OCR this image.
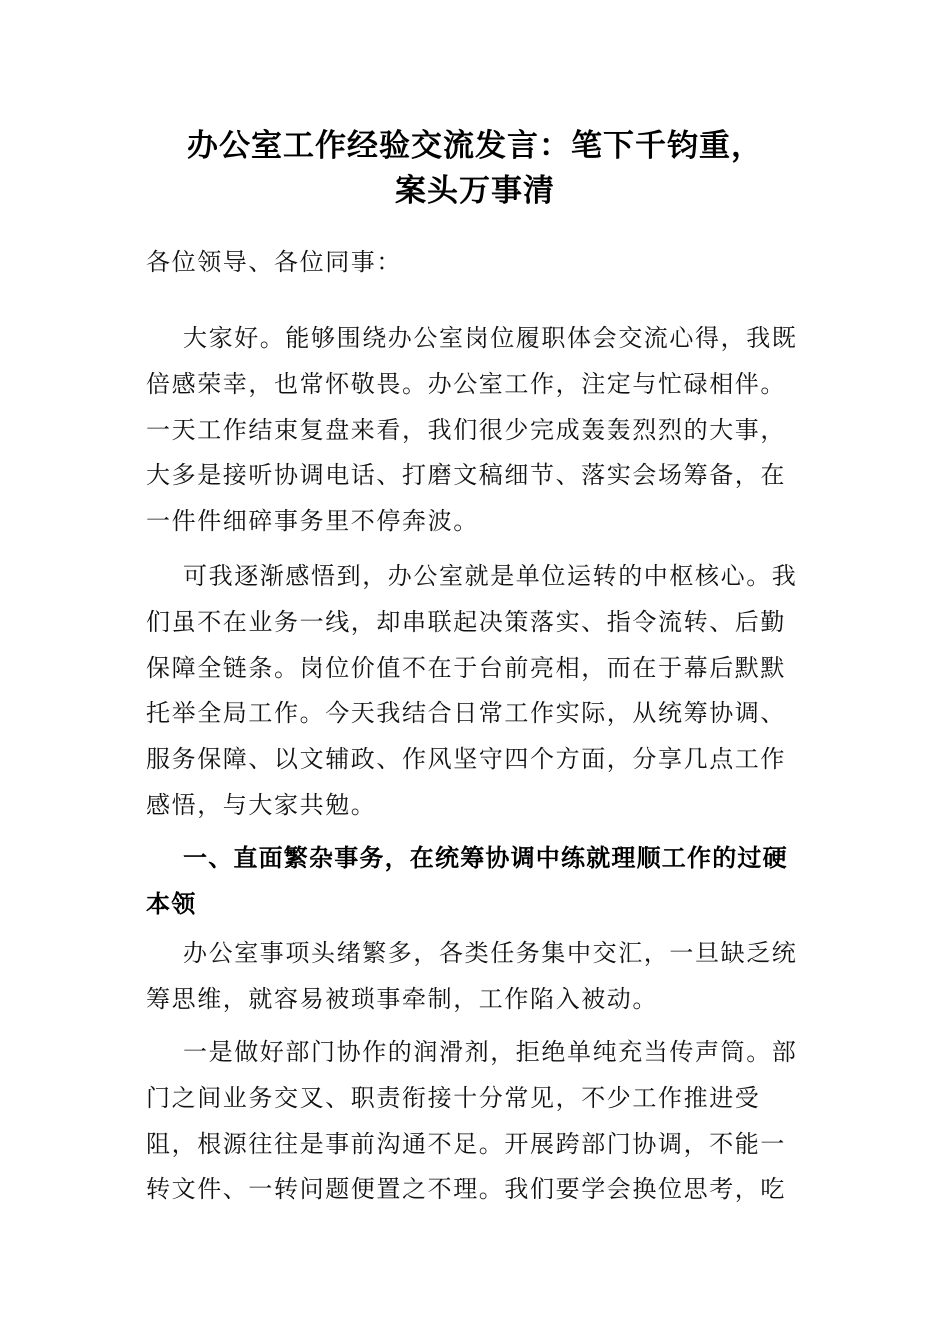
办公室工作经验交流发言：笔下千钧重，
案头万事清

各位领导、各位同事：

大家好。能够围绕办公室岗位履职体会交流心得，我既
倍感荣幸，也常怀敬畏。办公室工作，注定与忙碌相伴。
一天工作结束复盘来看，我们很少完成轰轰烈烈的大事，
大多是接听协调电话、打磨文稿细节、落实会场筹备，在
一件件细碎事务里不停奔波。
可我逐渐感悟到，办公室就是单位运转的中枢核心。我
们虽不在业务一线，却串联起决策落实、指令流转、后勤
保障全链条。岗位价值不在于台前亮相，而在于幕后默默
托举全局工作。今天我结合日常工作实际，从统筹协调、
服务保障、以文辅政、作风坚守四个方面，分享几点工作
感悟，与大家共勉。
一、直面繁杂事务，在统筹协调中练就理顺工作的过硬
本领
办公室事项头绪繁多，各类任务集中交汇，一旦缺乏统
筹思维，就容易被琐事牵制，工作陷入被动。
一是做好部门协作的润滑剂，拒绝单纯充当传声筒。部
门之间业务交叉、职责衔接十分常见，不少工作推进受
阻，根源往往是事前沟通不足。开展跨部门协调，不能一
转文件、一转问题便置之不理。我们要学会换位思考，吃
